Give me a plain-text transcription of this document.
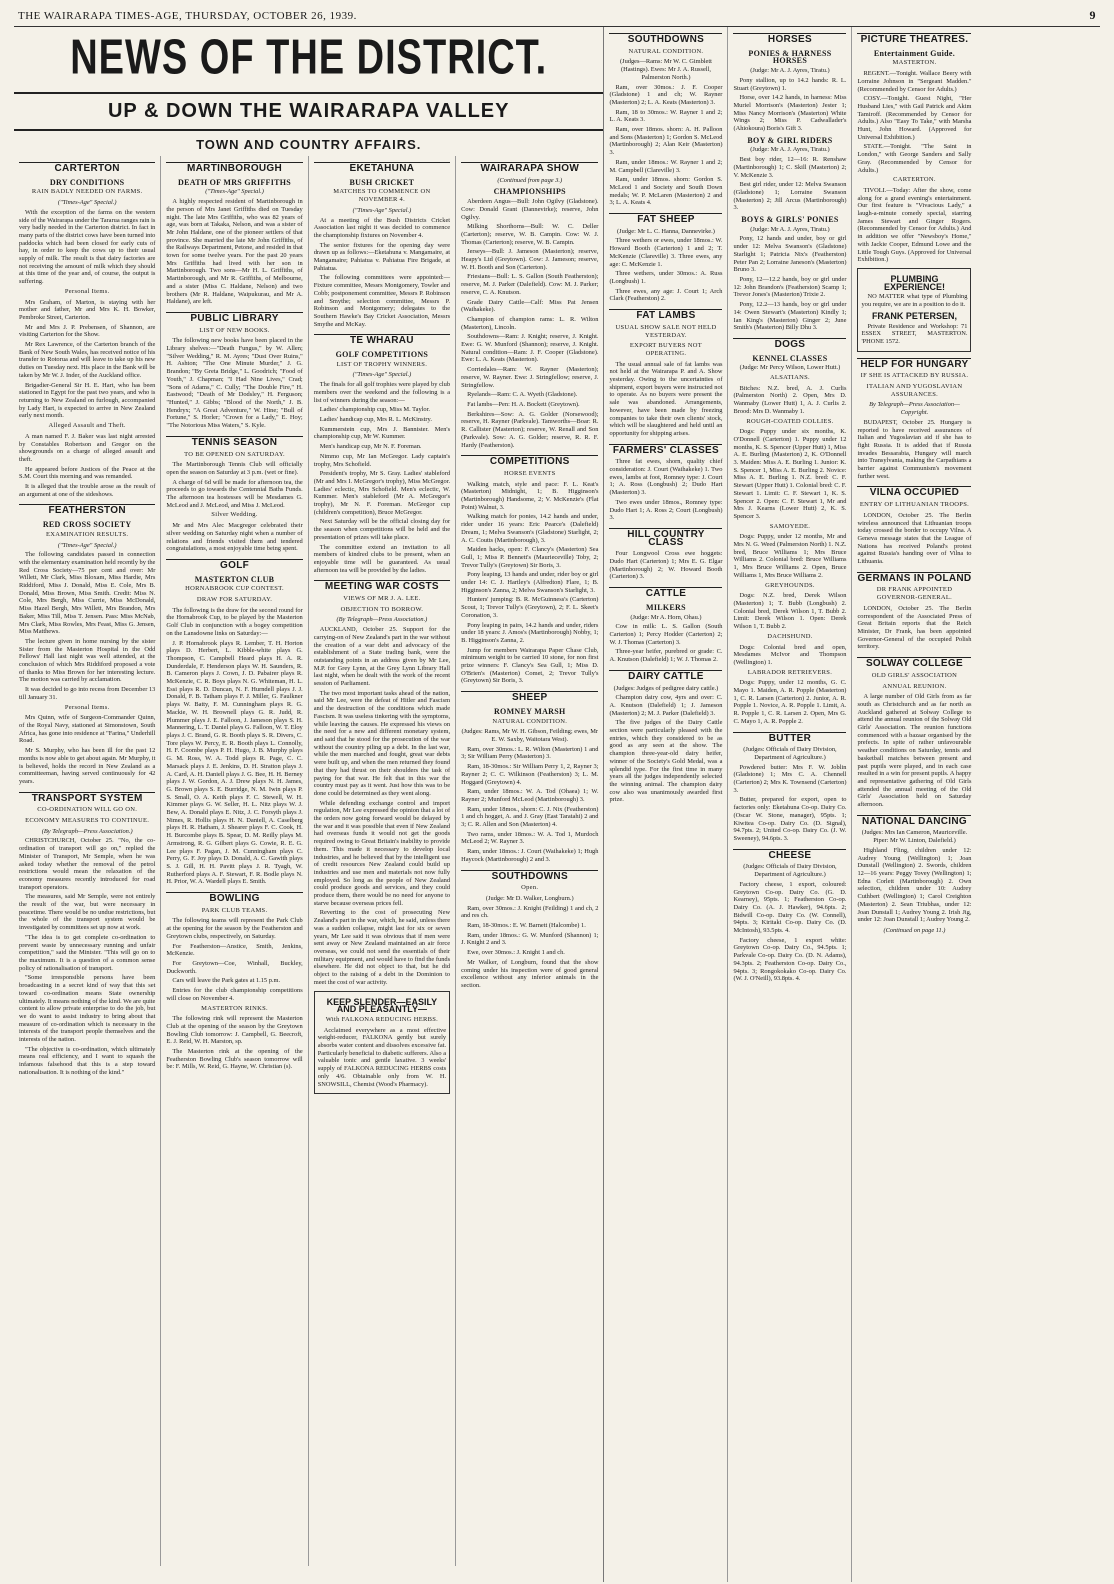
THE WAIRARAPA TIMES-AGE, THURSDAY, OCTOBER 26, 1939.	9
NEWS OF THE DISTRICT.
UP & DOWN THE WAIRARAPA VALLEY
TOWN AND COUNTRY AFFAIRS.
CARTERTON
DRY CONDITIONS
RAIN BADLY NEEDED ON FARMS.
("Times-Age" Special.)

With the exception of the farms on the western side of the Wairarapa under the Tararua ranges rain is very badly needed in the Carterton district. In fact in many parts of the district cows have been turned into paddocks which had been closed for early cuts of hay, in order to keep the cows up to their usual supply of milk. The result is that dairy factories are not receiving the amount of milk which they should at this time of the year and, of course, the output is suffering.

Personal Items.

Mrs Graham, of Marton, is staying with her mother and father, Mr and Mrs K. H. Bowker, Pembroke Street, Carterton.

Mr and Mrs J. P. Prebensen, of Shannon, are visiting Carterton for the Show.

Mr Rex Lawrence, of the Carterton branch of the Bank of New South Wales, has received notice of his transfer to Rotorua and will leave to take up his new duties on Tuesday next. His place in the Bank will be taken by Mr W. J. Inder, of the Auckland office.

Brigadier-General Sir H. E. Hart, who has been stationed in Egypt for the past two years, and who is returning to New Zealand on furlough, accompanied by Lady Hart, is expected to arrive in New Zealand early next month.

Alleged Assault and Theft.

A man named F. J. Baker was last night arrested by Constables Robertson and Gregor on the showgrounds on a charge of alleged assault and theft.

He appeared before Justices of the Peace at the S.M. Court this morning and was remanded.

It is alleged that the trouble arose as the result of an argument at one of the sideshows.

FEATHERSTON
RED CROSS SOCIETY
EXAMINATION RESULTS.
("Times-Age" Special.)

The following candidates passed in connection with the elementary examination held recently by the Red Cross Society—75 per cent and over: Mr Willett, Mr Clark, Miss Bloxam, Miss Hardie, Mrs Riddiford, Miss J. Donald, Miss E. Cole, Mrs B. Donald, Miss Brown, Miss Smith. Credit: Miss N. Cole, Mrs Bergh, Miss Currie, Miss McDonald, Miss Hazel Bergh, Mrs Willett, Mrs Brandon, Mrs Baker, Miss Till, Miss T. Jensen. Pass: Miss McNab, Mrs Clark, Miss Rowles, Mrs Feast, Miss G. Jensen, Miss Matthews.

The lecture given in home nursing by the sister Sister from the Masterton Hospital in the Odd Fellows' Hall last night was well attended, at the conclusion of which Mrs Riddiford proposed a vote of thanks to Miss Brown for her interesting lecture. The motion was carried by acclamation.

It was decided to go into recess from December 13 till January 31.

Personal Items.

Mrs Quinn, wife of Surgeon-Commander Quinn, of the Royal Navy, stationed at Simonstown, South Africa, has gone into residence at "Farina," Underhill Road.

Mr S. Murphy, who has been ill for the past 12 months is now able to get about again. Mr Murphy, it is believed, holds the record in New Zealand as a committeeman, having served continuously for 42 years.

TRANSPORT SYSTEM
CO-ORDINATION WILL GO ON.
ECONOMY MEASURES TO CONTINUE.
(By Telegraph—Press Association.)

CHRISTCHURCH, October 25. "No, the co-ordination of transport will go on," replied the Minister of Transport, Mr Semple, when he was asked today whether the removal of the petrol restrictions would mean the relaxation of the economy measures recently introduced for road transport operators.

The measures, said Mr Semple, were not entirely the result of the war, but were necessary in peacetime. There would be no undue restrictions, but the whole of the transport system would be investigated by committees set up now at work.

"The idea is to get complete co-ordination to prevent waste by unnecessary running and unfair competition," said the Minister. "This will go on to the maximum. It is a question of a common sense policy of rationalisation of transport.

"Some irresponsible persons have been broadcasting in a secret kind of way that this set toward co-ordination means State ownership ultimately. It means nothing of the kind. We are quite content to allow private enterprise to do the job, but we do want to assist industry to bring about that measure of co-ordination which is necessary in the interests of the transport people themselves and the interests of the nation.

"The objective is co-ordination, which ultimately means real efficiency, and I want to squash the infamous falsehood that this is a step toward nationalisation. It is nothing of the kind."

MARTINBOROUGH
DEATH OF MRS GRIFFITHS
("Times-Age" Special.)

A highly respected resident of Martinborough in the person of Mrs Janet Griffiths died on Tuesday night. The late Mrs Griffiths, who was 82 years of age, was born at Takaka, Nelson, and was a sister of Mr John Haldane, one of the pioneer settlers of that province. She married the late Mr John Griffiths, of the Railways Department, Petone, and resided in that town for some twelve years. For the past 20 years Mrs Griffiths had lived with her son in Martinborough. Two sons—Mr H. L. Griffiths, of Martinborough, and Mr R. Griffiths, of Melbourne, and a sister (Miss C. Haldane, Nelson) and two brothers (Mr R. Haldane, Waipukurau, and Mr A. Haldane), are left.

PUBLIC LIBRARY
LIST OF NEW BOOKS.

The following new books have been placed in the Library shelves:—"Death Fungus," by W. Allen; "Silver Wedding," R. M. Ayres; "Dust Over Ruins," H. Ashton; "The One Minute Murder," J. G. Brandon; "By Greta Bridge," L. Goodrich; "Food of Youth," J. Chapman; "I Had Nine Lives," Crad; "Sons of Adams," C. Cully; "The Double Fire," H. Eastwood; "Death of Mr Dodsley," H. Ferguson; "Hunted," J. Gibbs; "Blood of the North," J. B. Hendryx; "A Great Adventure," W. Hine; "Bull of Fortune," S. Horler; "Crown for a Lady," E. Hoy; "The Notorious Miss Waters," S. Kyle.

TENNIS SEASON
TO BE OPENED ON SATURDAY.

The Martinborough Tennis Club will officially open the season on Saturday at 3 p.m. (wet or fine).

A charge of 6d will be made for afternoon tea, the proceeds to go towards the Centennial Baths Funds. The afternoon tea hostesses will be Mesdames G. McLeod and J. McLeod, and Miss J. McLeod.

Silver Wedding.

Mr and Mrs Alec Macgregor celebrated their silver wedding on Saturday night when a number of relations and friends visited them and tendered congratulations, a most enjoyable time being spent.

GOLF
MASTERTON CLUB
HORNABROOK CUP CONTEST.
DRAW FOR SATURDAY.

The following is the draw for the second round for the Hornabrook Cup, to be played by the Masterton Golf Club in conjunction with a bogey competition on the Lansdowne links on Saturday:—

J. P. Hornabrook plays R. Lember, T. H. Horton plays D. Herbert, L. Kibble-white plays G. Thompson, C. Campbell Heard plays H. A. R. Dunderdale, F. Henderson plays W. H. Saunders, R. B. Cameron plays J. Cown, J. D. Pabairer plays R. McKenzie, C. R. Boys plays N. G. Whiteman, H. L. Essi plays R. D. Duncan, N. F. Hurndell plays J. J. Donald, F. B. Tatham plays F. J. Miller, G. Faulkner plays W. Batty, F. M. Cunningham plays R. G. Mackie, W. H. Brownell plays G. R. Judd, R. Plummer plays J. E. Falloon, J. Jameson plays S. H. Mannering, L. T. Daniel plays G. Falloon, W. T. Eloy plays J. C. Brand, G. R. Booth plays S. R. Divers, C. Tore plays W. Percy, E. R. Booth plays L. Connolly, H. F. Coombe plays P. H. Hugo, J. B. Murphy plays G. M. Ross, W. A. Todd plays R. Page, C. C. Marsack plays J. E. Jenkins, D. H. Stratton plays J. A. Card, A. H. Daniell plays J. G. Bee, H. H. Berney plays J. W. Gordon, A. J. Drew plays N. H. James, G. Brown plays S. E. Burridge, N. M. Iwin plays P. S. Small, O. A. Keith plays F. C. Stewell, W. H. Kimmer plays G. W. Seller, H. L. Nitz plays W. J. Bew, A. Donald plays E. Nitz, J. C. Forsyth plays J. Nimes, R. Hollis plays H. N. Daniell, A. Caselberg plays H. R. Hatham, J. Shearer plays F. C. Cook, H. H. Burcombe plays B. Spear, D. M. Reilly plays M. Armstrong, R. G. Gilbert plays G. Cowie, R. E. G. Lee plays F. Pagan, J. M. Cunningham plays C. Perry, G. F. Joy plays D. Donald, A. C. Gawith plays S. J. Gill, H. H. Pavitt plays J. R. Tyagh, W. Rutherford plays A. F. Stewart, F. R. Bodle plays N. H. Prior, W. A. Wardell plays E. Smith.

BOWLING
PARK CLUB TEAMS.

The following teams will represent the Park Club at the opening for the season by the Featherston and Greytown clubs, respectively, on Saturday.

For Featherston—Anstice, Smith, Jenkins, McKenzie.

For Greytown—Coe, Winhall, Buckley, Duckworth.

Cars will leave the Park gates at 1.15 p.m.

Entries for the club championship competitions will close on November 4.

MASTERTON RINKS.

The following rink will represent the Masterton Club at the opening of the season by the Greytown Bowling Club tomorrow: J. Campbell, G. Beecroft, E. J. Reid, W. H. Marston, sp.

The Masterton rink at the opening of the Featherston Bowling Club's season tomorrow will be: F. Mills, W. Reid, G. Hayne, W. Christian (s).

EKETAHUNA
BUSH CRICKET
MATCHES TO COMMENCE ON NOVEMBER 4.
("Times-Age" Special.)

At a meeting of the Bush Districts Cricket Association last night it was decided to commence the championship fixtures on November 4.

The senior fixtures for the opening day were drawn up as follows:—Eketahuna v. Mangamaire, at Mangamaire; Pahiatua v. Pahiatua Fire Brigade, at Pahiatua.

The following committees were appointed:—Fixture committee, Messrs Montgomery, Towler and Cobb; postponement committee, Messrs P. Robinson and Smythe; selection committee, Messrs P. Robinson and Montgomery; delegates to the Southern Hawke's Bay Cricket Association, Messrs Smythe and McKay.

TE WHARAU
GOLF COMPETITIONS
LIST OF TROPHY WINNERS.
("Times-Age" Special.)

The finals for all golf trophies were played by club members over the weekend and the following is a list of winners during the season:—

Ladies' championship cup, Miss M. Taylor.

Ladies' handicap cup, Mrs R. L. McKinstry.

Kummerstein cup, Mrs J. Bannister. Men's championship cup, Mr W. Kummer.

Men's handicap cup, Mr N. F. Foreman.

Nimmo cup, Mr Ian McGregor. Lady captain's trophy, Mrs Schofield.

President's trophy, Mr S. Gray. Ladies' stableford (Mr and Mrs I. McGregor's trophy), Miss McGregor. Ladies' eclectic, Mrs Schofield. Men's eclectic, W. Kummer. Men's stableford (Mr A. McGregor's trophy), Mr N. F. Foreman. McGregor cup (children's competition), Bruce McGregor.

Next Saturday will be the official closing day for the season when competitions will be held and the presentation of prizes will take place.

The committee extend an invitation to all members of kindred clubs to be present, when an enjoyable time will be guaranteed. As usual afternoon tea will be provided by the ladies.

MEETING WAR COSTS
VIEWS OF MR J. A. LEE.
OBJECTION TO BORROW.
(By Telegraph—Press Association.)

AUCKLAND, October 25. Support for the carrying-on of New Zealand's part in the war without the creation of a war debt and advocacy of the establishment of a State trading bank, were the outstanding points in an address given by Mr Lee, M.P. for Grey Lynn, at the Grey Lynn Library Hall last night, when he dealt with the work of the recent session of Parliament.

The two most important tasks ahead of the nation, said Mr Lee, were the defeat of Hitler and Fascism and the destruction of the conditions which made Fascism. It was useless tinkering with the symptoms, while leaving the causes. He expressed his views on the need for a new and different monetary system, and said that he stood for the prosecution of the war without the country piling up a debt. In the last war, while the men marched and fought, great war debts were built up, and when the men returned they found that they had thrust on their shoulders the task of paying for that war. He felt that in this war the country must pay as it went. Just how this was to be done could be determined as they went along.

While defending exchange control and import regulation, Mr Lee expressed the opinion that a lot of the orders now going forward would be delayed by the war and it was possible that even if New Zealand had overseas funds it would not get the goods required owing to Great Britain's inability to provide them. This made it necessary to develop local industries, and he believed that by the intelligent use of credit resources New Zealand could build up industries and use men and materials not now fully employed. So long as the people of New Zealand could produce goods and services, and they could produce them, there would be no need for anyone to starve because overseas prices fell.

Reverting to the cost of prosecuting New Zealand's part in the war, which, he said, unless there was a sudden collapse, might last for six or seven years, Mr Lee said it was obvious that if men were sent away or New Zealand maintained an air force overseas, we could not send the essentials of their military equipment, and would have to find the funds elsewhere. He did not object to that, but he did object to the raising of a debt in the Dominion to meet the cost of war activity.

KEEP SLENDER—EASILY AND PLEASANTLY—
With FALKONA REDUCING HERBS.

Acclaimed everywhere as a most effective weight-reducer, FALKONA gently but surely absorbs water content and dissolves excessive fat. Particularly beneficial to diabetic sufferers. Also a valuable tonic and gentle laxative. 3 weeks' supply of FALKONA REDUCING HERBS costs only 4/6. Obtainable only from W. H. SNOWSILL, Chemist (Wood's Pharmacy).

WAIRARAPA SHOW
(Continued from page 3.)
CHAMPIONSHIPS

Aberdeen Angus—Bull: John Ogilvy (Gladstone). Cow: Donald Grant (Dannevirke); reserve, John Ogilvy.

Milking Shorthorns—Bull: W. C. Deller (Carterton); reserve, W. B. Campin. Cow: W. J. Thomas (Carterton); reserve, W. B. Campin.

Jerseys—Bull: J. Jameson (Masterton); reserve, Heapy's Ltd (Greytown). Cow: J. Jameson; reserve, W. H. Booth and Son (Carterton).

Friesians—Bull: L. S. Gallon (South Featherston); reserve, M. J. Parker (Dalefield). Cow: M. J. Parker; reserve, C. A. Knutson.

Grade Dairy Cattle—Calf: Miss Pat Jensen (Waihakeke).

Champion of champion rams: L. R. Wilton (Masterton), Lincoln.

Southdowns—Ram: J. Knight; reserve, J. Knight. Ewe: G. W. Munford (Shannon); reserve, J. Knight. Natural condition—Ram: J. F. Cooper (Gladstone). Ewe: L. A. Keats (Masterton).

Corriedales—Ram: W. Rayner (Masterton); reserve, W. Rayner. Ewe: J. Stringfellow; reserve, J. Stringfellow.

Ryelands—Ram: C. A. Wyeth (Gladstone).

Fat lambs—Pen: H. A. Bockett (Greytown).

Berkshires—Sow: A. G. Golder (Norsewood); reserve, H. Rayner (Parkvale). Tamworths—Boar: R. R. Callister (Masterton); reserve, W. Renall and Son (Parkvale). Sow: A. G. Golder; reserve, R. R. F. Hardy (Featherston).

COMPETITIONS
HORSE EVENTS

Walking match, style and pace: F. L. Keat's (Masterton) Midnight, 1; B. Higginson's (Martinborough) Handsome, 2; V. McKenzie's (Flat Point) Walnut, 3.

Walking match for ponies, 14.2 hands and under, rider under 16 years: Eric Pearce's (Dalefield) Dream, 1; Melva Swanson's (Gladstone) Starlight, 2; A. C. Coutts (Martinborough), 3.

Maiden hacks, open: F. Clancy's (Masterton) Sea Gull, 1; Miss P. Bennett's (Maurieceville) Toby, 2; Trevor Tully's (Greytown) Sir Boris, 3.

Pony leaping, 13 hands and under, rider boy or girl under 14: C. J. Hartley's (Alfredton) Flare, 1; B. Higginson's Zanna, 2; Melva Swanson's Starlight, 3.

Hunters' jumping: B. R. McGuinness's (Carterton) Scout, 1; Trevor Tully's (Greytown), 2; F. L. Skeet's Coronation, 3.

Pony leaping in pairs, 14.2 hands and under, riders under 18 years: J. Amos's (Martinborough) Nobby, 1; B. Higginson's Zanna, 2.

Jump for members Wairarapa Paper Chase Club, minimum weight to be carried 10 stone, for non first prize winners: F. Clancy's Sea Gull, 1; Miss D. O'Brien's (Masterton) Comet, 2; Trevor Tully's (Greytown) Sir Boris, 3.

SHEEP
ROMNEY MARSH
NATURAL CONDITION.
(Judges: Rams, Mr W. H. Gibson, Feilding; ewes, Mr E. W. Saxby, Waitotara West).

Ram, over 30mos.: L. R. Wilton (Masterton) 1 and 3; Sir William Perry (Masterton) 3.

Ram, 18-30mos.: Sir William Perry 1, 2, Rayner 3; Rayner 2; C. C. Wilkinson (Featherston) 3; L. M. Hoggard (Greytown) 4.

Ram, under 18mos.: W. A. Tod (Ohaea) 1; W. Rayner 2; Munford McLeod (Martinborough) 3.

Ram, under 18mos., shorn: C. J. Nix (Featherston) 1 and ch hogget, A. and J. Gray (East Taratahi) 2 and 3; C. R. Allen and Son (Masterton) 4.

Two rams, under 18mos.: W. A. Tod 1, Murdoch McLeod 2; W. Rayner 3.

Ram, under 18mos.: J. Court (Waihakeke) 1; Hugh Haycock (Martinborough) 2 and 3.

SOUTHDOWNS
Open.
(Judge: Mr D. Walker, Longburn.)

Ram, over 30mos.: J. Knight (Feilding) 1 and ch, 2 and res ch.

Ram, 18-30mos.: E. W. Barnett (Halcombe) 1.

Ram, under 18mos.: G. W. Munford (Shannon) 1; J. Knight 2 and 3.

Ewe, over 30mos.: J. Knight 1 and ch.

Mr Walker, of Longburn, found that the show coming under his inspection were of good general excellence without any inferior animals in the section.

SOUTHDOWNS
NATURAL CONDITION.
(Judges—Rams: Mr W. C. Gimblett (Hastings). Ewes: Mr J. A. Russell, Palmerston North.)

Ram, over 30mos.: J. F. Cooper (Gladstone) 1 and ch; W. Rayner (Masterton) 2; L. A. Keats (Masterton) 3.

Ram, 18 to 30mos.: W. Rayner 1 and 2; L. A. Keats 3.

Ram, over 18mos. shorn: A. H. Palloon and Sons (Masterton) 1; Gordon S. McLeod (Martinborough) 2; Alan Keir (Masterton) 3.

Ram, under 18mos.: W. Rayner 1 and 2; M. Campbell (Clareville) 3.

Ram, under 18mos. shorn: Gordon S. McLeod 1 and Society and South Down medals; W. P. McLaren (Masterton) 2 and 3; L. A. Keats 4.

FAT SHEEP
(Judge: Mr L. C. Hanna, Dannevirke.)

Three wethers or ewes, under 18mos.: W. Howard Booth (Carterton) 1 and 2; T. McKenzie (Clareville) 3. Three ewes, any age: C. McKenzie 1.

Three wethers, under 30mos.: A. Russ (Longbush) 1.

Three ewes, any age: J. Court 1; Arch Clark (Featherston) 2.

FAT LAMBS
USUAL SHOW SALE NOT HELD YESTERDAY.
EXPORT BUYERS NOT OPERATING.

The usual annual sale of fat lambs was not held at the Wairarapa P. and A. Show yesterday. Owing to the uncertainties of shipment, export buyers were instructed not to operate. As no buyers were present the sale was abandoned. Arrangements, however, have been made by freezing companies to take their own clients' stock, which will be slaughtered and held until an opportunity for shipping arises.

FARMERS' CLASSES

Three fat ewes, shorn, quality chief consideration: J. Court (Waihakeke) 1. Two ewes, lambs at foot, Romney type: J. Court 1; A. Ross (Longbush) 2; Dudo Hart (Masterton) 3.

Two ewes under 18mos., Romney type: Dudo Hart 1; A. Ross 2; Court (Longbush) 3.

HILL COUNTRY CLASS

Four Longwool Cross ewe hoggets: Dudo Hart (Carterton) 1; Mrs E. G. Elgar (Martinborough) 2; W. Howard Booth (Carterton) 3.

CATTLE
MILKERS
(Judge: Mr A. Horn, Ohau.)

Cow in milk: L. S. Gallon (South Carterton) 1; Percy Hodder (Carterton) 2; W. J. Thomas (Carterton) 3.

Three-year heifer, purebred or grade: C. A. Knutson (Dalefield) 1; W. J. Thomas 2.

DAIRY CATTLE
(Judges: Judges of pedigree dairy cattle.)

Champion dairy cow, 4yrs and over: C. A. Knutson (Dalefield) 1; J. Jameson (Masterton) 2; M. J. Parker (Dalefield) 3.

The five judges of the Dairy Cattle section were particularly pleased with the entries, which they considered to be as good as any seen at the show. The champion three-year-old dairy heifer, winner of the Society's Gold Medal, was a splendid type. For the first time in many years all the judges independently selected the winning animal. The champion dairy cow also was unanimously awarded first prize.

HORSES
PONIES & HARNESS HORSES
(Judge: Mr A. J. Ayres, Tiratu.)

Pony stallion, up to 14.2 hands: R. L. Stuart (Greytown) 1.

Horse, over 14.2 hands, in harness: Miss Muriel Morrison's (Masterton) Jester 1; Miss Nancy Morrison's (Masterton) White Wings 2; Miss P. Cadwallader's (Ahiokoura) Boris's Gift 3.

BOY & GIRL RIDERS
(Judge: Mr A. J. Ayres, Tiratu.)

Best boy rider, 12—16: R. Renshaw (Martinborough) 1; C. Skill (Masterton) 2; V. McKenzie 3.

Best girl rider, under 12: Melva Swanson (Gladstone) 1; Lorraine Swanson (Masterton) 2; Jill Arcus (Martinborough) 3.

BOYS & GIRLS' PONIES
(Judge: Mr A. J. Ayres, Tiratu.)

Pony, 12 hands and under, boy or girl under 12: Melva Swanson's (Gladstone) Starlight 1; Patricia Nix's (Featherston) Peter Pan 2; Lorraine Janeson's (Masterton) Bruno 3.

Pony, 12—12.2 hands, boy or girl under 12: John Brandon's (Featherston) Scamp 1; Trevor Jones's (Masterton) Trixie 2.

Pony, 12.2—13 hands, boy or girl under 14: Owen Stewart's (Masterton) Kindly 1; Ian King's (Masterton) Ginger 2; June Smith's (Masterton) Billy Dhu 3.

DOGS
KENNEL CLASSES
(Judge: Mr Percy Wilson, Lower Hutt.)
ALSATIANS.

Bitches: N.Z. bred, A. J. Curlis (Palmerston North) 2. Open, Mrs D. Wanmaby (Lower Hutt) 1, A. J. Curlis 2. Brood: Mrs D. Wanmaby 1.

ROUGH-COATED COLLIES.

Dogs: Puppy under six months, K. O'Donnell (Carterton) 1. Puppy under 12 months, K. S. Spencer (Upper Hutt) 1, Miss A. E. Burling (Masterton) 2, K. O'Donnell 3. Maiden: Miss A. E. Burling 1. Junior: K. S. Spencer 1, Miss A. E. Burling 2. Novice: Miss A. E. Burling 1. N.Z. bred: C. F. Stewart (Upper Hutt) 1. Colonial bred: C. F. Stewart 1. Limit: C. F. Stewart 1, K. S. Spencer 2. Open: C. F. Stewart 1, Mr and Mrs J. Kearns (Lower Hutt) 2, K. S. Spencer 3.

SAMOYEDE.

Dogs: Puppy, under 12 months, Mr and Mrs N. G. Weed (Palmerston North) 1. N.Z. bred, Bruce Williams 1; Mrs Bruce Williams 2. Colonial bred: Bruce Williams 1, Mrs Bruce Williams 2. Open, Bruce Williams 1, Mrs Bruce Williams 2.

GREYHOUNDS.

Dogs: N.Z. bred, Derek Wilson (Masterton) 1; T. Bubb (Longbush) 2. Colonial bred, Derek Wilson 1, T. Bubb 2. Limit: Derek Wilson 1. Open: Derek Wilson 1, T. Bubb 2.

DACHSHUND.

Dogs: Colonial bred and open, Mesdames McIvor and Thompson (Wellington) 1.

LABRADOR RETRIEVERS.

Dogs: Puppy, under 12 months, G. C. Mayo 1. Maiden, A. R. Popple (Masterton) 1, C. R. Larsen (Carterton) 2. Junior, A. R. Popple 1. Novice, A. R. Popple 1. Limit, A. R. Popple 1, C. R. Larsen 2. Open, Mrs G. C. Mayo 1, A. R. Popple 2.

BUTTER
(Judges: Officials of Dairy Division, Department of Agriculture.)

Powdered butter: Mrs F. W. Joblin (Gladstone) 1; Mrs C. A. Chennell (Carterton) 2; Mrs K. Townsend (Carterton) 3.

Butter, prepared for export, open to factories only: Eketahuna Co-op. Dairy Co. (Oscar W. Stone, manager), 95pts. 1; Kiwitea Co-op. Dairy Co. (D. Signal), 94.7pts. 2; United Co-op. Dairy Co. (J. W. Sweeney), 94.6pts. 3.

CHEESE
(Judges: Officials of Dairy Division, Department of Agriculture.)

Factory cheese, 1 export, coloured: Greytown Co-op. Dairy Co. (G. D. Kearney), 95pts. 1; Featherston Co-op. Dairy Co. (A. J. Hawker), 94.6pts. 2; Bidwill Co-op. Dairy Co. (W. Connell), 94pts. 3; Kiritaki Co-op. Dairy Co. (D. McIntosh), 93.5pts. 4.

Factory cheese, 1 export white: Greytown Co-op. Dairy Co., 94.5pts. 1; Parkvale Co-op. Dairy Co. (D. N. Adams), 94.3pts. 2; Featherston Co-op. Dairy Co., 94pts. 3; Rongokokako Co-op. Dairy Co. (W. J. O'Neill), 93.8pts. 4.

PICTURE THEATRES.
Entertainment Guide.
MASTERTON.

REGENT.—Tonight. Wallace Beery with Lorraine Johnson in "Sergeant Madden." (Recommended by Censor for Adults.)

COSY.—Tonight. Guest Night, "Her Husband Lies," with Gail Patrick and Akim Tamiroff. (Recommended by Censor for Adults.) Also "Easy To Take," with Marsha Hunt, John Howard. (Approved for Universal Exhibition.)

STATE.—Tonight. "The Saint in London," with George Sanders and Sally Gray. (Recommended by Censor for Adults.)

CARTERTON.

TIVOLI.—Today: After the show, come along for a grand evening's entertainment. Our first feature is "Vivacious Lady," a laugh-a-minute comedy special, starring James Stewart and Ginger Rogers. (Recommended by Censor for Adults.) And in addition we offer "Newsboy's Home," with Jackie Cooper, Edmund Lowe and the Little Tough Guys. (Approved for Universal Exhibition.)

PLUMBING EXPERIENCE!

NO MATTER what type of Plumbing you require, we are in a position to do it.

FRANK PETERSEN,

Private Residence and Workshop: 71 ESSEX STREET, MASTERTON. 'PHONE 1572.

HELP FOR HUNGARY
IF SHE IS ATTACKED BY RUSSIA.
ITALIAN AND YUGOSLAVIAN ASSURANCES.
By Telegraph—Press Association—Copyright.

BUDAPEST, October 25. Hungary is reported to have received assurances of Italian and Yugoslavian aid if she has to fight Russia. It is added that if Russia invades Bessarabia, Hungary will march into Transylvania, making the Carpathians a barrier against Communism's movement further west.

VILNA OCCUPIED
ENTRY OF LITHUANIAN TROOPS.

LONDON, October 25. The Berlin wireless announced that Lithuanian troops today crossed the border to occupy Vilna. A Geneva message states that the League of Nations has received Poland's protest against Russia's handing over of Vilna to Lithuania.

GERMANS IN POLAND
DR FRANK APPOINTED GOVERNOR-GENERAL.

LONDON, October 25. The Berlin correspondent of the Associated Press of Great Britain reports that the Reich Minister, Dr Frank, has been appointed Governor-General of the occupied Polish territory.

SOLWAY COLLEGE
OLD GIRLS' ASSOCIATION
ANNUAL REUNION.

A large number of Old Girls from as far south as Christchurch and as far north as Auckland gathered at Solway College to attend the annual reunion of the Solway Old Girls' Association. The reunion functions commenced with a bazaar organised by the prefects. In spite of rather unfavourable weather conditions on Saturday, tennis and basketball matches between present and past pupils were played, and in each case resulted in a win for present pupils. A happy and representative gathering of Old Girls attended the annual meeting of the Old Girls' Association held on Saturday afternoon.

NATIONAL DANCING
(Judges: Mrs Ian Cameron, Mauriceville. Piper: Mr W. Linton, Dalefield.)

Highland Fling, children under 12: Audrey Young (Wellington) 1; Joan Dunstall (Wellington) 2. Swords, children 12—16 years: Peggy Tovey (Wellington) 1; Edna Corlett (Martinborough) 2. Own selection, children under 10: Audrey Cuthbert (Wellington) 1; Carol Creighton (Masterton) 2. Sean Triubhas, under 12: Joan Dunstall 1; Audrey Young 2. Irish Jig, under 12: Joan Dunstall 1; Audrey Young 2.

(Continued on page 11.)
